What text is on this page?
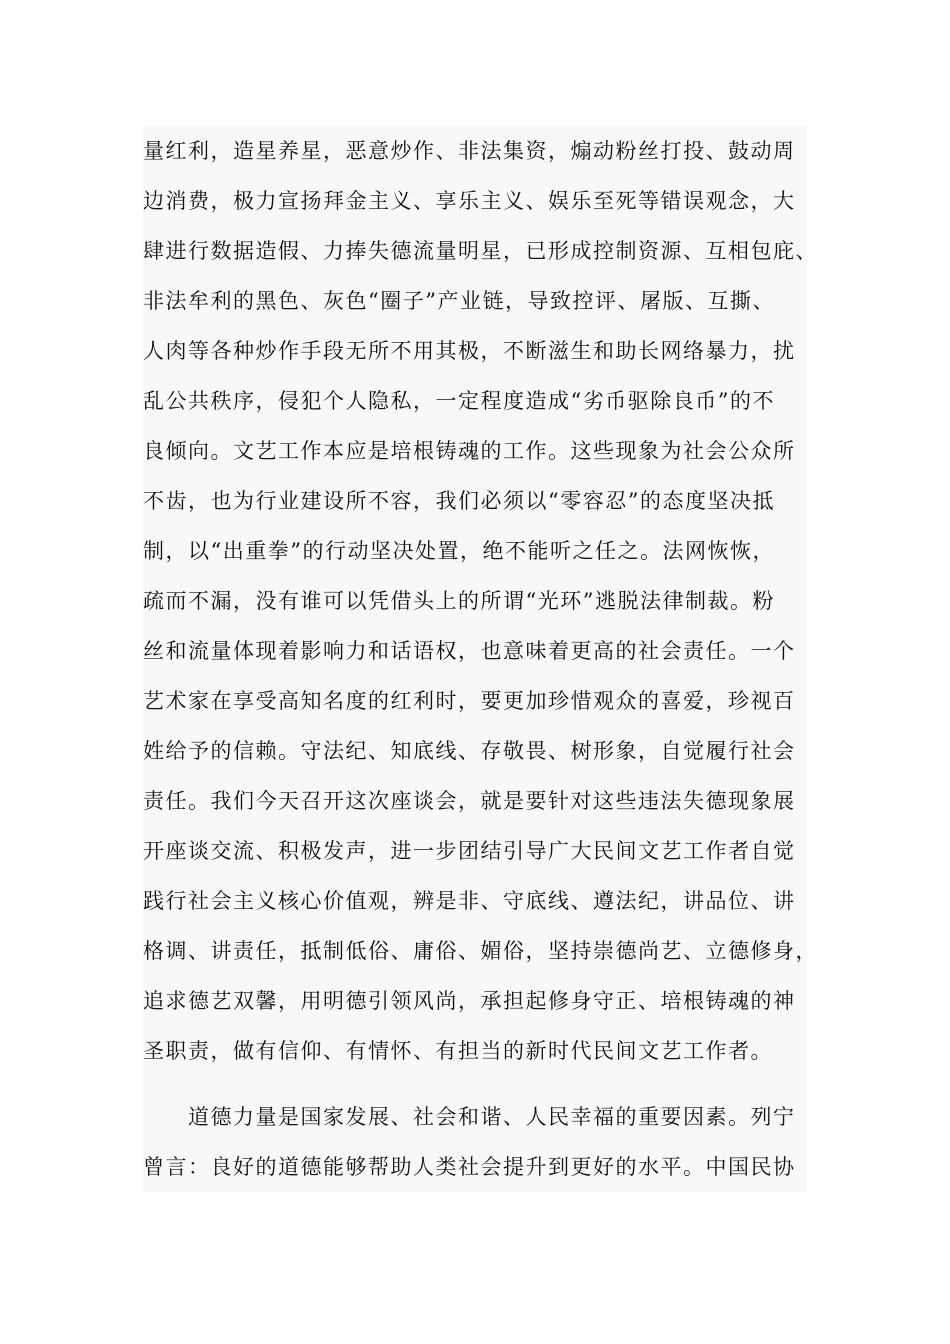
量红利，造星养星，恶意炒作、非法集资，煽动粉丝打投、鼓动周
边消费，极力宣扬拜金主义、享乐主义、娱乐至死等错误观念，大
肆进行数据造假、力捧失德流量明星，已形成控制资源、互相包庇、
非法牟利的黑色、灰色“圈子”产业链，导致控评、屠版、互撕、
人肉等各种炒作手段无所不用其极，不断滋生和助长网络暴力，扰
乱公共秩序，侵犯个人隐私，一定程度造成“劣币驱除良币”的不
良倾向。文艺工作本应是培根铸魂的工作。这些现象为社会公众所
不齿，也为行业建设所不容，我们必须以“零容忍”的态度坚决抵
制，以“出重拳”的行动坚决处置，绝不能听之任之。法网恢恢，
疏而不漏，没有谁可以凭借头上的所谓“光环”逃脱法律制裁。粉
丝和流量体现着影响力和话语权，也意味着更高的社会责任。一个
艺术家在享受高知名度的红利时，要更加珍惜观众的喜爱，珍视百
姓给予的信赖。守法纪、知底线、存敬畏、树形象，自觉履行社会
责任。我们今天召开这次座谈会，就是要针对这些违法失德现象展
开座谈交流、积极发声，进一步团结引导广大民间文艺工作者自觉
践行社会主义核心价值观，辨是非、守底线、遵法纪，讲品位、讲
格调、讲责任，抵制低俗、庸俗、媚俗，坚持崇德尚艺、立德修身，
追求德艺双馨，用明德引领风尚，承担起修身守正、培根铸魂的神
圣职责，做有信仰、有情怀、有担当的新时代民间文艺工作者。
道德力量是国家发展、社会和谐、人民幸福的重要因素。列宁
曾言：良好的道德能够帮助人类社会提升到更好的水平。中国民协
